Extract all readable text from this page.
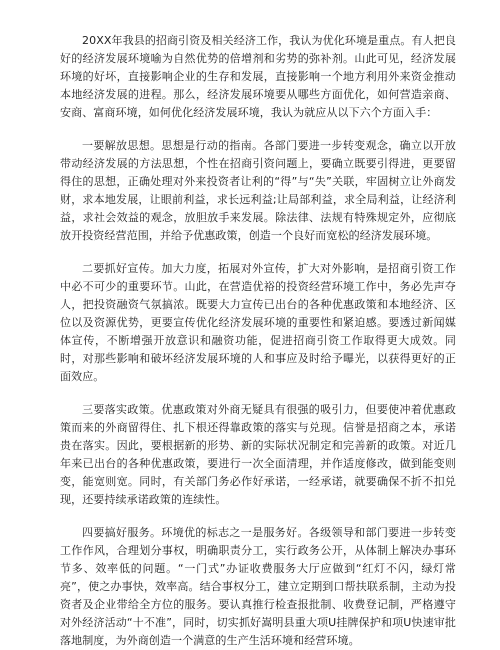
20XX年我县的招商引资及相关经济工作，我认为优化环境是重点。有人把良好的经济发展环境喻为自然优势的倍增剂和劣势的弥补剂。山此可见，经济发展环境的好坏，直接影响企业的生存和发展，直接影响一个地方利用外来资金推动本地经济发展的进程。那么，经济发展环境要从哪些方面优化，如何营造亲商、安商、富商环境，如何优化经济发展环境，我认为就应从以下六个方面入手：

一要解放思想。思想是行动的指南。各部门要进一步转变观念，确立以开放带动经济发展的方法思想，个性在招商引资问题上，要确立既要引得进，更要留得住的思想，正确处理对外来投资者让利的“得”与“失”关联，牢固树立让外商发财，求本地发展，让眼前利益，求长远利益;让局部利益，求全局利益，让经济利益，求社会效益的观念，放胆放手来发展。除法律、法规有特殊规定外，应彻底放开投资经营范围，并给予优惠政策，创造一个良好而宽松的经济发展环境。

二要抓好宣传。加大力度，拓展对外宣传，扩大对外影响，是招商引资工作中必不可少的重要环节。山此，在营造优裕的投资经营环境工作中，务必先声夺人，把投资融资气氛搞浓。既要大力宣传已出台的各种优惠政策和本地经济、区位以及资源优势，更要宣传优化经济发展环境的重要性和紧迫感。要透过新闻媒体宣传，不断增强开放意识和融资功能，促进招商引资工作取得更大成效。同时，对那些影响和破坏经济发展环境的人和事应及时给予曝光，以获得更好的正面效应。

三要落实政策。优惠政策对外商无疑具有很强的吸引力，但要使冲着优惠政策而来的外商留得住、扎下根还得靠政策的落实与兑现。信誉是招商之本，承诺贵在落实。因此，要根据新的形势、新的实际状况制定和完善新的政策。对近几年来已出台的各种优惠政策，要进行一次全面清理，并作适度修改，做到能变则变，能宽则宽。同时，有关部门务必作好承诺，一经承诺，就要确保不折不扣兑现，还要持续承诺政策的连续性。

四要搞好服务。环境优的标志之一是服务好。各级领导和部门要进一步转变工作作风，合理划分事权，明确职责分工，实行政务公开，从体制上解决办事环节多、效率低的问题。“一门式”办证收费服务大厅应做到“红灯不闪，绿灯常亮”，使之办事快，效率高。结合事权分工，建立定期到口帮扶联系制，主动为投资者及企业带给全方位的服务。要认真推行检查报批制、收费登记制，严格遵守对外经济活动“十不准”，同时，切实抓好嵩明县重大项U挂牌保护和项U快速审批落地制度，为外商创造一个满意的生产生活环境和经营环境。
